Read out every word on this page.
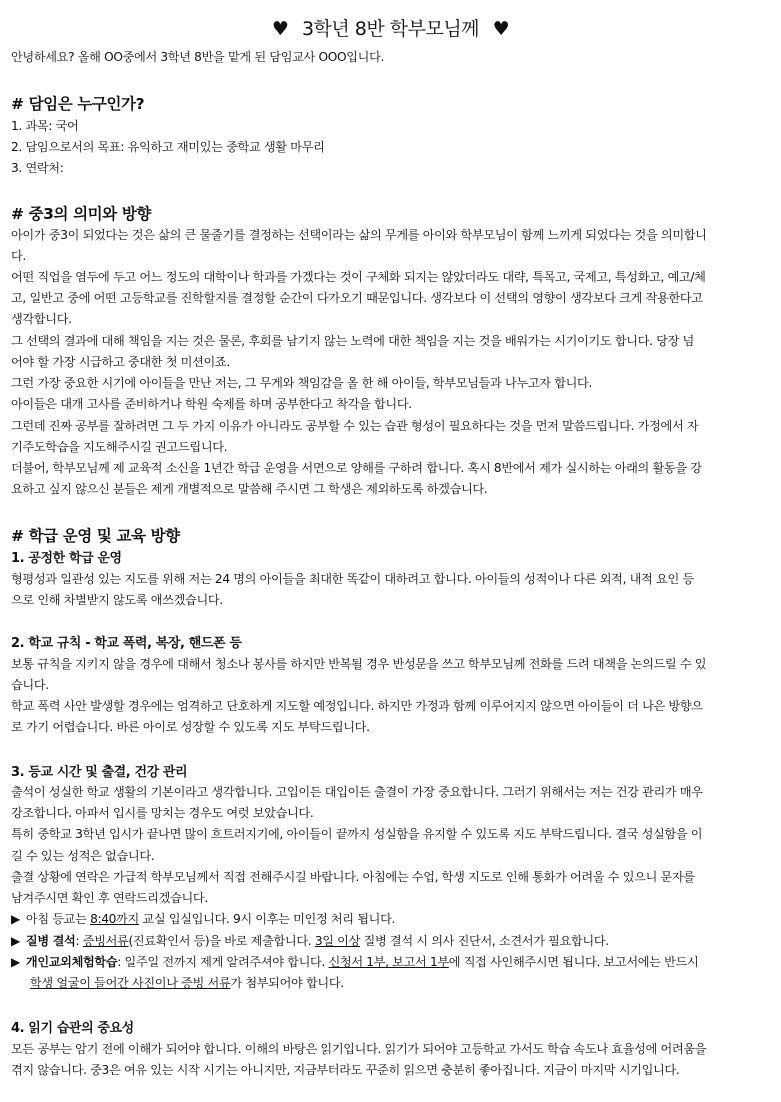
♥ 3학년 8반 학부모님께 ♥
안녕하세요? 올해 OO중에서 3학년 8반을 맡게 된 담임교사 OOO입니다.
# 담임은 누구인가?
1. 과목: 국어
2. 담임으로서의 목표: 유익하고 재미있는 중학교 생활 마무리
3. 연락처:
# 중3의 의미와 방향
아이가 중3이 되었다는 것은 삶의 큰 물줄기를 결정하는 선택이라는 삶의 무게를 아이와 학부모님이 함께 느끼게 되었다는 것을 의미합니
다.
어떤 직업을 염두에 두고 어느 정도의 대학이나 학과를 가겠다는 것이 구체화 되지는 않았더라도 대략, 특목고, 국제고, 특성화고, 예고/체
고, 일반고 중에 어떤 고등학교를 진학할지를 결정할 순간이 다가오기 때문입니다. 생각보다 이 선택의 영향이 생각보다 크게 작용한다고
생각합니다.
그 선택의 결과에 대해 책임을 지는 것은 물론, 후회를 남기지 않는 노력에 대한 책임을 지는 것을 배워가는 시기이기도 합니다. 당장 넘
어야 할 가장 시급하고 중대한 첫 미션이죠.
그런 가장 중요한 시기에 아이들을 만난 저는, 그 무게와 책임감을 올 한 해 아이들, 학부모님들과 나누고자 합니다.
아이들은 대개 고사를 준비하거나 학원 숙제를 하며 공부한다고 착각을 합니다.
그런데 진짜 공부를 잘하려면 그 두 가지 이유가 아니라도 공부할 수 있는 습관 형성이 필요하다는 것을 먼저 말씀드립니다. 가정에서 자
기주도학습을 지도해주시길 권고드립니다.
더불어, 학부모님께 제 교육적 소신을 1년간 학급 운영을 서면으로 양해를 구하려 합니다. 혹시 8반에서 제가 실시하는 아래의 활동을 강
요하고 싶지 않으신 분들은 제게 개별적으로 말씀해 주시면 그 학생은 제외하도록 하겠습니다.
# 학급 운영 및 교육 방향
1. 공정한 학급 운영
형평성과 일관성 있는 지도를 위해 저는 24 명의 아이들을 최대한 똑같이 대하려고 합니다. 아이들의 성적이나 다른 외적, 내적 요인 등
으로 인해 차별받지 않도록 애쓰겠습니다.
2. 학교 규칙 - 학교 폭력, 복장, 핸드폰 등
보통 규칙을 지키지 않을 경우에 대해서 청소나 봉사를 하지만 반복될 경우 반성문을 쓰고 학부모님께 전화를 드려 대책을 논의드릴 수 있
습니다.
학교 폭력 사안 발생할 경우에는 엄격하고 단호하게 지도할 예정입니다. 하지만 가정과 함께 이루어지지 않으면 아이들이 더 나은 방향으
로 가기 어렵습니다. 바른 아이로 성장할 수 있도록 지도 부탁드립니다.
3. 등교 시간 및 출결, 건강 관리
출석이 성실한 학교 생활의 기본이라고 생각합니다. 고입이든 대입이든 출결이 가장 중요합니다. 그러기 위해서는 저는 건강 관리가 매우
강조합니다. 아파서 입시를 망치는 경우도 여럿 보았습니다.
특히 중학교 3학년 입시가 끝나면 많이 흐트러지기에, 아이들이 끝까지 성실함을 유지할 수 있도록 지도 부탁드립니다. 결국 성실함을 이
길 수 있는 성적은 없습니다.
출결 상황에 연락은 가급적 학부모님께서 직접 전해주시길 바랍니다. 아침에는 수업, 학생 지도로 인해 통화가 어려울 수 있으니 문자를
남겨주시면 확인 후 연락드리겠습니다.
▶ 아침 등교는 8:40까지 교실 입실입니다. 9시 이후는 미인정 처리 됩니다.
▶ 질병 결석: 증빙서류(진료확인서 등)을 바로 제출합니다. 3일 이상 질병 결석 시 의사 진단서, 소견서가 필요합니다.
▶ 개인교외체험학습: 일주일 전까지 제게 알려주셔야 합니다. 신청서 1부, 보고서 1부에 직접 사인해주시면 됩니다. 보고서에는 반드시
학생 얼굴이 들어간 사진이나 증빙 서류가 첨부되어야 합니다.
4. 읽기 습관의 중요성
모든 공부는 암기 전에 이해가 되어야 합니다. 이해의 바탕은 읽기입니다. 읽기가 되어야 고등학교 가서도 학습 속도나 효율성에 어려움을
겪지 않습니다. 중3은 여유 있는 시작 시기는 아니지만, 지금부터라도 꾸준히 읽으면 충분히 좋아집니다. 지금이 마지막 시기입니다.
